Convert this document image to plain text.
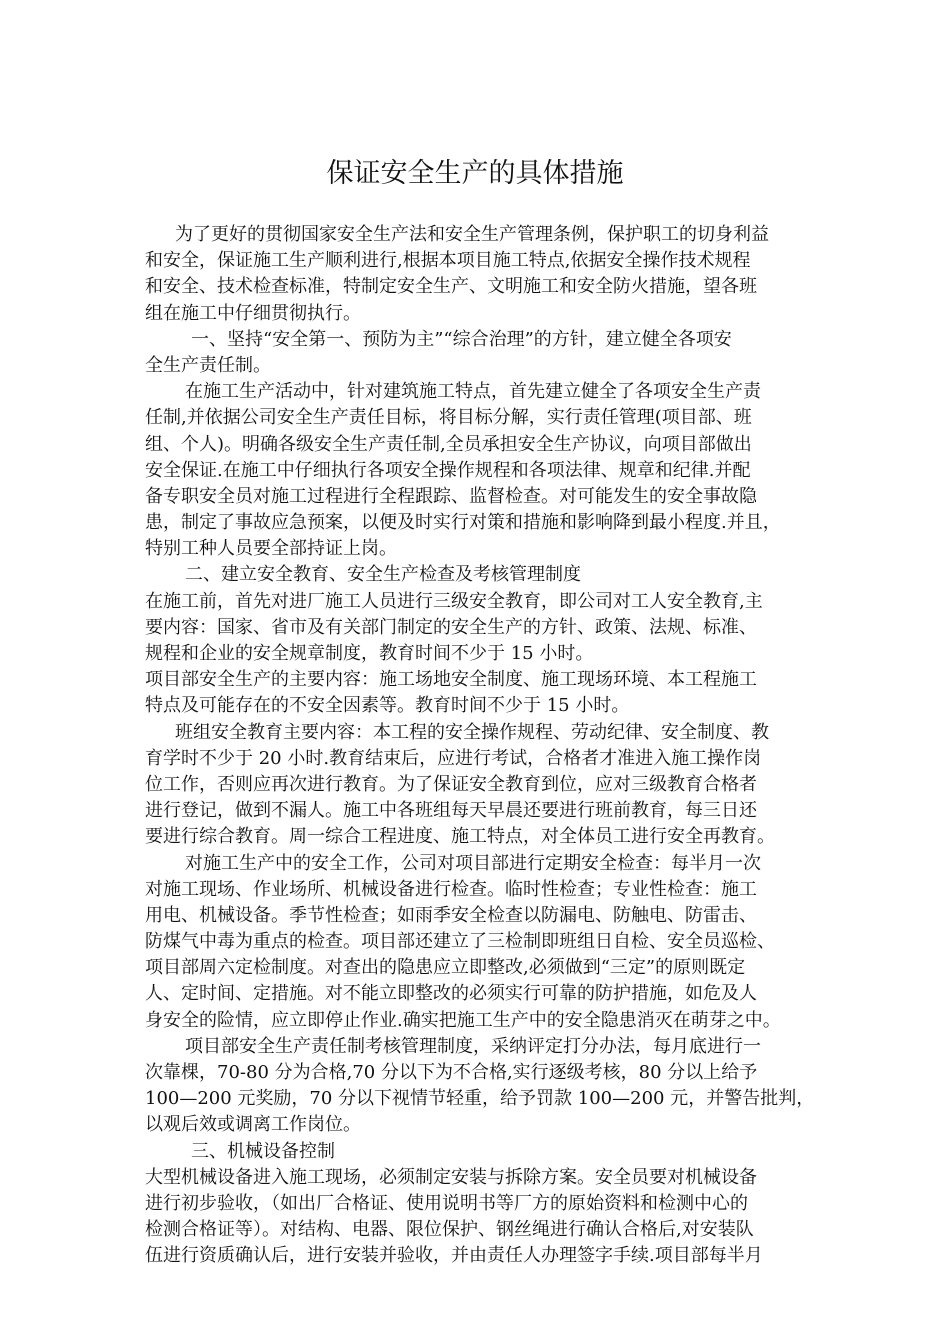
保证安全生产的具体措施
为了更好的贯彻国家安全生产法和安全生产管理条例，保护职工的切身利益
和安全，保证施工生产顺利进行,根据本项目施工特点,依据安全操作技术规程
和安全、技术检查标准，特制定安全生产、文明施工和安全防火措施，望各班
组在施工中仔细贯彻执行。
一、坚持“安全第一、预防为主”“综合治理”的方针，建立健全各项安
全生产责任制。
在施工生产活动中，针对建筑施工特点，首先建立健全了各项安全生产责
任制,并依据公司安全生产责任目标，将目标分解，实行责任管理(项目部、班
组、个人)。明确各级安全生产责任制,全员承担安全生产协议，向项目部做出
安全保证.在施工中仔细执行各项安全操作规程和各项法律、规章和纪律.并配
备专职安全员对施工过程进行全程跟踪、监督检查。对可能发生的安全事故隐
患，制定了事故应急预案，以便及时实行对策和措施和影响降到最小程度.并且，
特别工种人员要全部持证上岗。
二、建立安全教育、安全生产检查及考核管理制度
在施工前，首先对进厂施工人员进行三级安全教育，即公司对工人安全教育,主
要内容：国家、省市及有关部门制定的安全生产的方针、政策、法规、标准、
规程和企业的安全规章制度，教育时间不少于 15 小时。
项目部安全生产的主要内容：施工场地安全制度、施工现场环境、本工程施工
特点及可能存在的不安全因素等。教育时间不少于 15 小时。
班组安全教育主要内容：本工程的安全操作规程、劳动纪律、安全制度、教
育学时不少于 20 小时.教育结束后，应进行考试，合格者才准进入施工操作岗
位工作，否则应再次进行教育。为了保证安全教育到位，应对三级教育合格者
进行登记，做到不漏人。施工中各班组每天早晨还要进行班前教育，每三日还
要进行综合教育。周一综合工程进度、施工特点，对全体员工进行安全再教育。
对施工生产中的安全工作，公司对项目部进行定期安全检查：每半月一次
对施工现场、作业场所、机械设备进行检查。临时性检查；专业性检查：施工
用电、机械设备。季节性检查；如雨季安全检查以防漏电、防触电、防雷击、
防煤气中毒为重点的检查。项目部还建立了三检制即班组日自检、安全员巡检、
项目部周六定检制度。对查出的隐患应立即整改,必须做到“三定”的原则既定
人、定时间、定措施。对不能立即整改的必须实行可靠的防护措施，如危及人
身安全的险情，应立即停止作业.确实把施工生产中的安全隐患消灭在萌芽之中。
项目部安全生产责任制考核管理制度，采纳评定打分办法，每月底进行一
次靠棵，70-80 分为合格,70 分以下为不合格,实行逐级考核，80 分以上给予
100—200 元奖励，70 分以下视情节轻重，给予罚款 100—200 元，并警告批判，
以观后效或调离工作岗位。
三、机械设备控制
大型机械设备进入施工现场，必须制定安装与拆除方案。安全员要对机械设备
进行初步验收，（如出厂合格证、使用说明书等厂方的原始资料和检测中心的
检测合格证等）。对结构、电器、限位保护、钢丝绳进行确认合格后,对安装队
伍进行资质确认后，进行安装并验收，并由责任人办理签字手续.项目部每半月
